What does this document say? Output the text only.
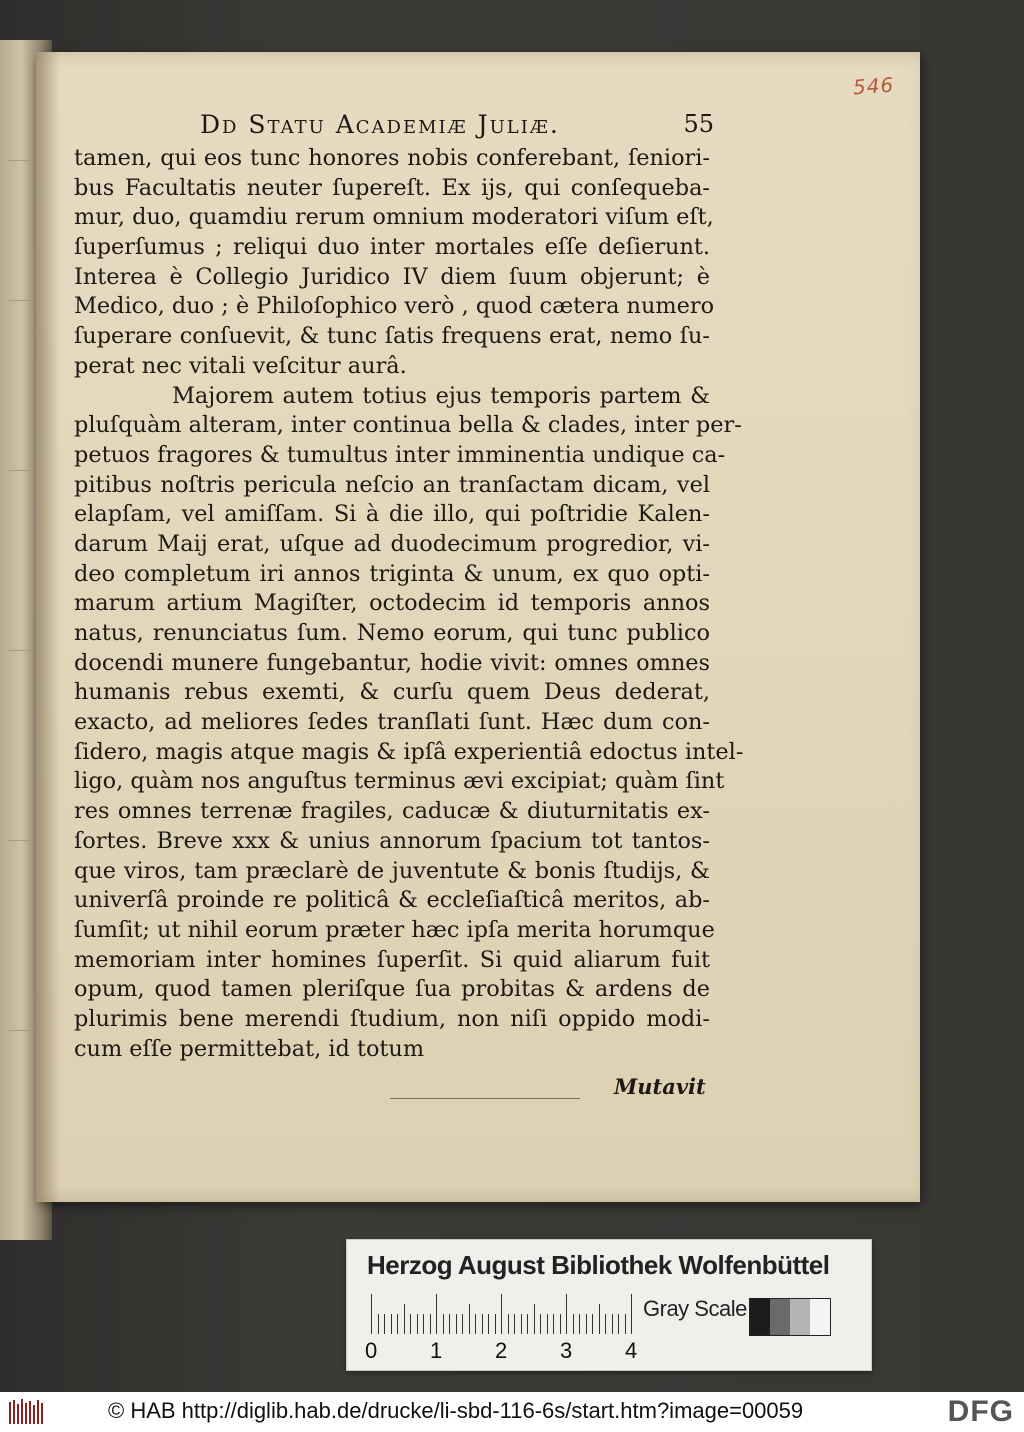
546
Dd Statu Academiæ Juliæ.	55
tamen, qui eos tunc honores nobis conferebant, ſeniori-
bus Facultatis neuter ſupereſt. Ex ijs, qui conſequeba-
mur, duo, quamdiu rerum omnium moderatori viſum eſt,
ſuperſumus ; reliqui duo inter mortales eſſe deſierunt.
Interea è Collegio Juridico IV diem ſuum objerunt; è
Medico, duo ; è Philoſophico verò , quod cætera numero
ſuperare conſuevit, & tunc ſatis frequens erat, nemo ſu-
perat nec vitali veſcitur aurâ.
Majorem autem totius ejus temporis partem &
pluſquàm alteram, inter continua bella & clades, inter per-
petuos fragores & tumultus inter imminentia undique ca-
pitibus noſtris pericula neſcio an tranſactam dicam, vel
elapſam, vel amiſſam. Si à die illo, qui poſtridie Kalen-
darum Maij erat, uſque ad duodecimum progredior, vi-
deo completum iri annos triginta & unum, ex quo opti-
marum artium Magiſter, octodecim id temporis annos
natus, renunciatus ſum. Nemo eorum, qui tunc publico
docendi munere fungebantur, hodie vivit: omnes omnes
humanis rebus exemti, & curſu quem Deus dederat,
exacto, ad meliores ſedes tranſlati ſunt. Hæc dum con-
ſidero, magis atque magis & ipſâ experientiâ edoctus intel-
ligo, quàm nos anguſtus terminus ævi excipiat; quàm ſint
res omnes terrenæ fragiles, caducæ & diuturnitatis ex-
ſortes. Breve xxx & unius annorum ſpacium tot tantos-
que viros, tam præclarè de juventute & bonis ſtudijs, &
univerſâ proinde re politicâ & eccleſiaſticâ meritos, ab-
ſumſit; ut nihil eorum præter hæc ipſa merita horumque
memoriam inter homines ſuperſit. Si quid aliarum fuit
opum, quod tamen pleriſque ſua probitas & ardens de
plurimis bene merendi ſtudium, non niſi oppido modi-
cum eſſe permittebat, id totum
Mutavit
Herzog August Bibliothek Wolfenbüttel
0 1 2 3 4
Gray Scale
© HAB http://diglib.hab.de/drucke/li-sbd-116-6s/start.htm?image=00059	DFG
